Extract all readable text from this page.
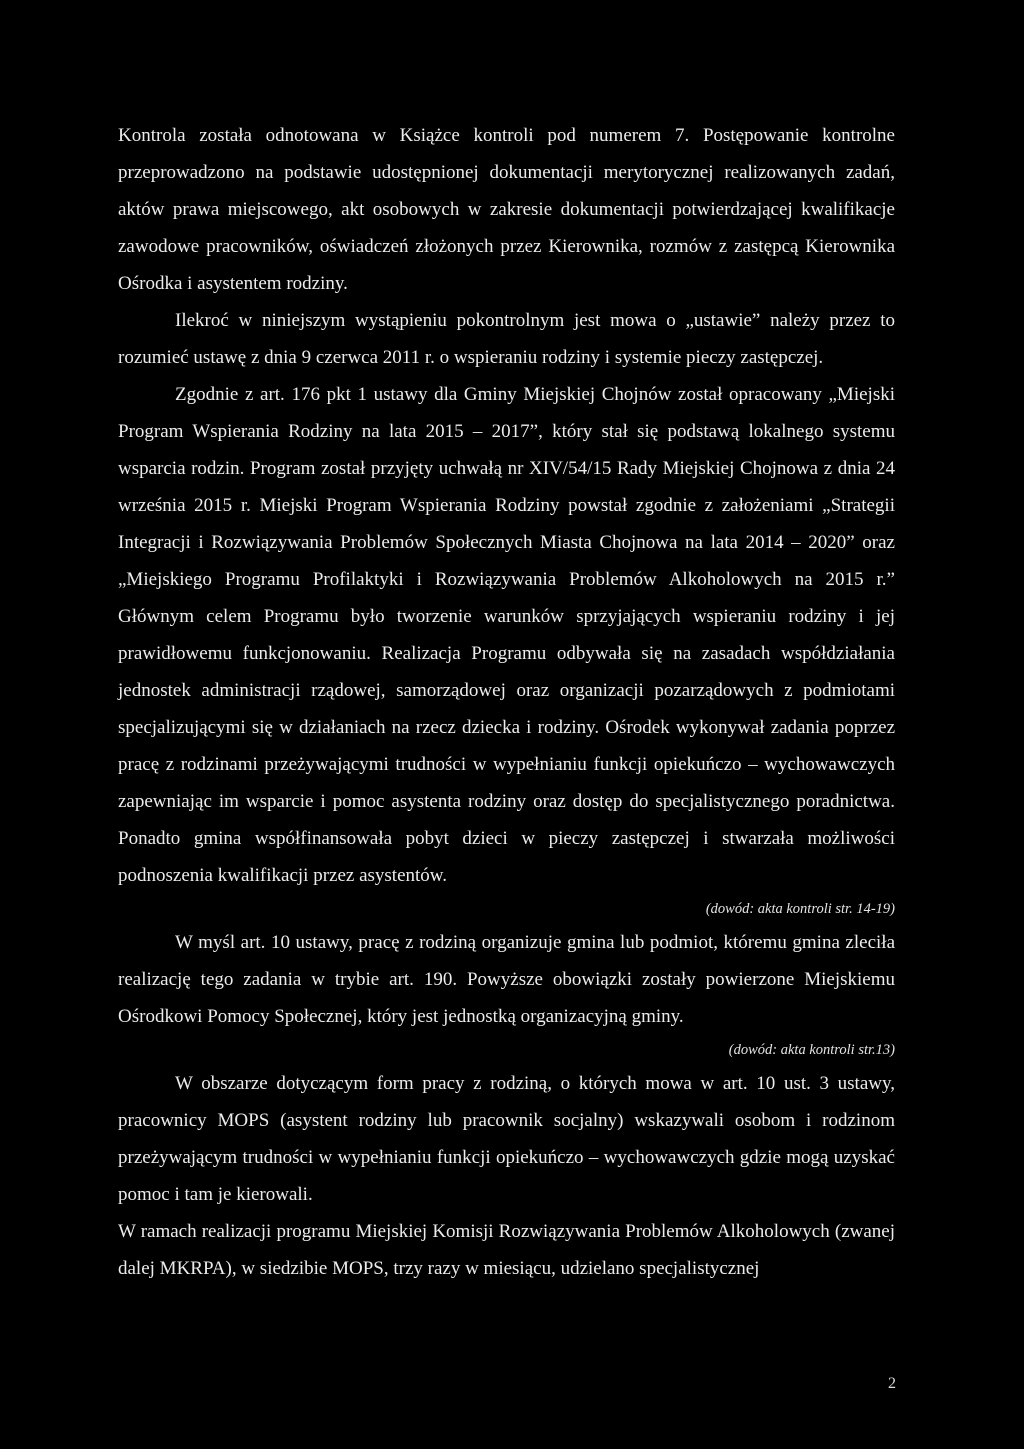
Kontrola została odnotowana w Książce kontroli pod numerem 7. Postępowanie kontrolne przeprowadzono na podstawie udostępnionej dokumentacji merytorycznej realizowanych zadań, aktów prawa miejscowego, akt osobowych w zakresie dokumentacji potwierdzającej kwalifikacje zawodowe pracowników, oświadczeń złożonych przez Kierownika, rozmów z zastępcą Kierownika Ośrodka i asystentem rodziny.

Ilekroć w niniejszym wystąpieniu pokontrolnym jest mowa o „ustawie” należy przez to rozumieć ustawę z dnia 9 czerwca 2011 r. o wspieraniu rodziny i systemie pieczy zastępczej.

Zgodnie z art. 176 pkt 1 ustawy dla Gminy Miejskiej Chojnów został opracowany „Miejski Program Wspierania Rodziny na lata 2015 – 2017”, który stał się podstawą lokalnego systemu wsparcia rodzin. Program został przyjęty uchwałą nr XIV/54/15 Rady Miejskiej Chojnowa z dnia 24 września 2015 r. Miejski Program Wspierania Rodziny powstał zgodnie z założeniami „Strategii Integracji i Rozwiązywania Problemów Społecznych Miasta Chojnowa na lata 2014 – 2020” oraz „Miejskiego Programu Profilaktyki i Rozwiązywania Problemów Alkoholowych na 2015 r.” Głównym celem Programu było tworzenie warunków sprzyjających wspieraniu rodziny i jej prawidłowemu funkcjonowaniu. Realizacja Programu odbywała się na zasadach współdziałania jednostek administracji rządowej, samorządowej oraz organizacji pozarządowych z podmiotami specjalizującymi się w działaniach na rzecz dziecka i rodziny. Ośrodek wykonywał zadania poprzez pracę z rodzinami przeżywającymi trudności w wypełnianiu funkcji opiekuńczo – wychowawczych zapewniając im wsparcie i pomoc asystenta rodziny oraz dostęp do specjalistycznego poradnictwa. Ponadto gmina współfinansowała pobyt dzieci w pieczy zastępczej i stwarzała możliwości podnoszenia kwalifikacji przez asystentów.

(dowód: akta kontroli str. 14-19)

W myśl art. 10 ustawy, pracę z rodziną organizuje gmina lub podmiot, któremu gmina zleciła realizację tego zadania w trybie art. 190. Powyższe obowiązki zostały powierzone Miejskiemu Ośrodkowi Pomocy Społecznej, który jest jednostką organizacyjną gminy.

(dowód: akta kontroli str.13)

W obszarze dotyczącym form pracy z rodziną, o których mowa w art. 10 ust. 3 ustawy, pracownicy MOPS (asystent rodziny lub pracownik socjalny) wskazywali osobom i rodzinom przeżywającym trudności w wypełnianiu funkcji opiekuńczo – wychowawczych gdzie mogą uzyskać pomoc i tam je kierowali.

W ramach realizacji programu Miejskiej Komisji Rozwiązywania Problemów Alkoholowych (zwanej dalej MKRPA), w siedzibie MOPS, trzy razy w miesiącu, udzielano specjalistycznej

2
